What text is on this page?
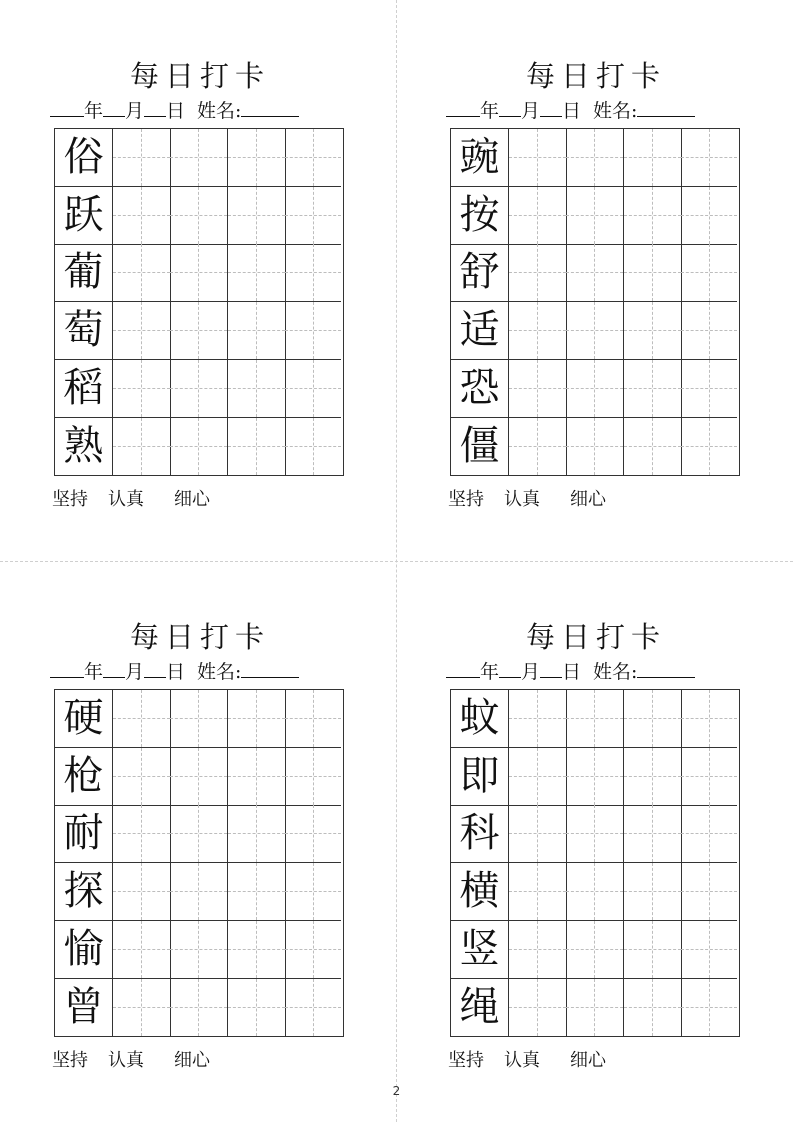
每日打卡
年 月 日 姓名:
俗
跃
葡
萄
稻
熟
坚持 认真 细心
每日打卡
年 月 日 姓名:
豌
按
舒
适
恐
僵
坚持 认真 细心
每日打卡
年 月 日 姓名:
硬
枪
耐
探
愉
曾
坚持 认真 细心
每日打卡
年 月 日 姓名:
蚊
即
科
横
竖
绳
坚持 认真 细心
2
